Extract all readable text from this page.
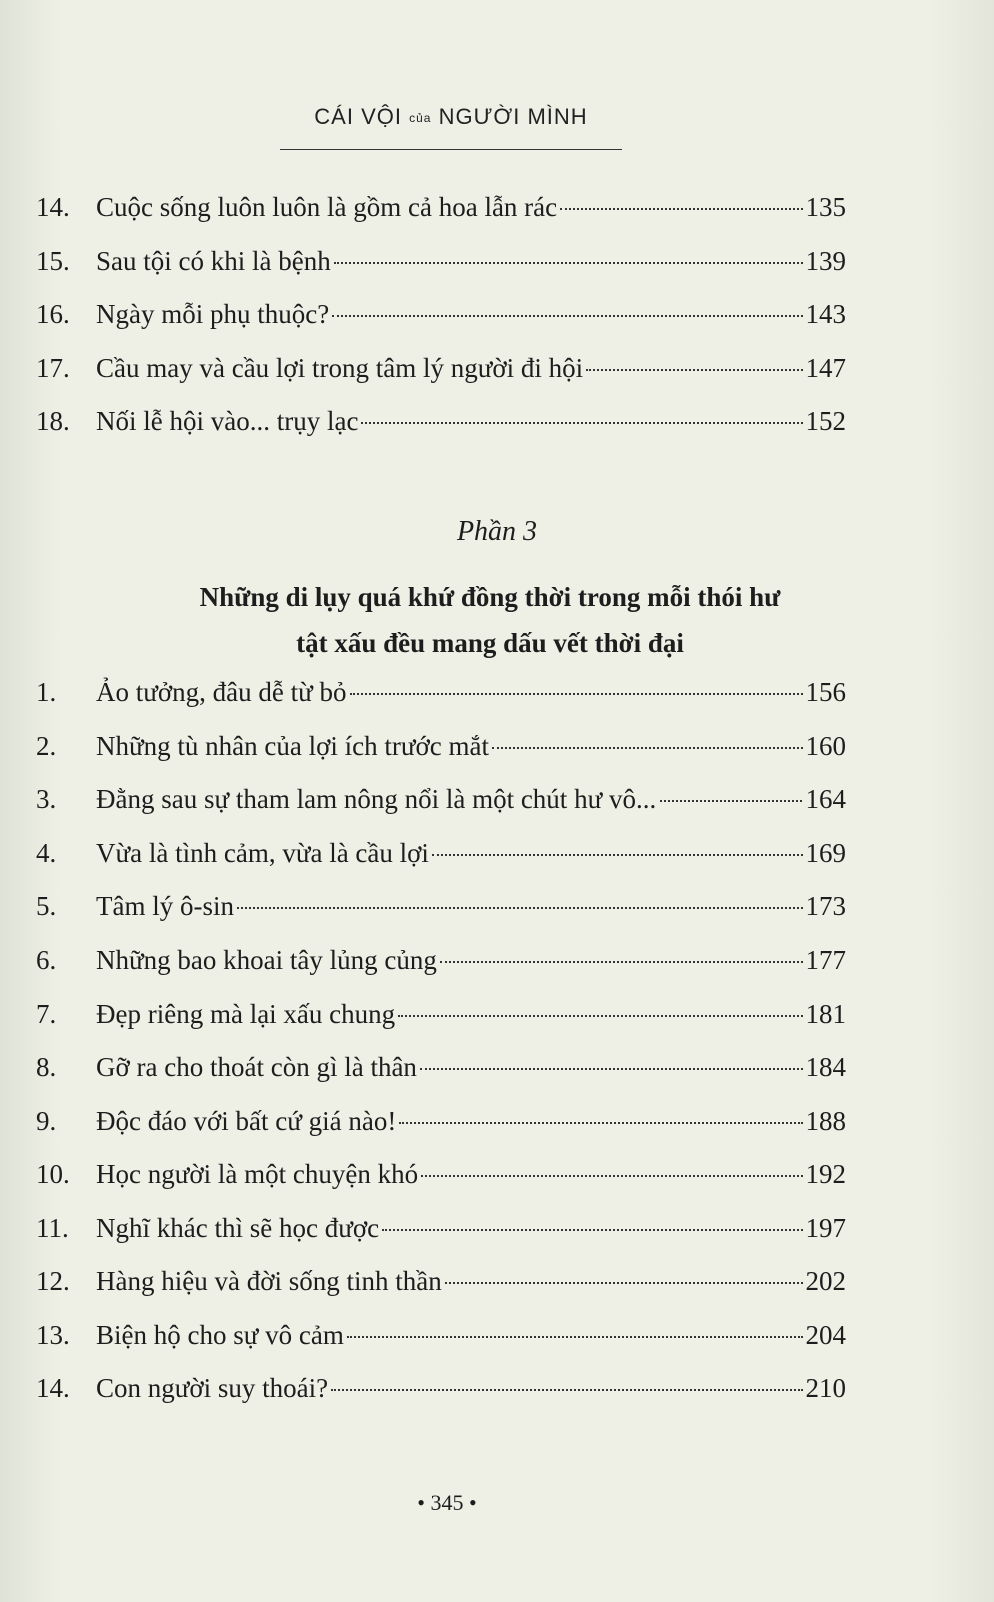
CÁI VỘI của NGƯỜI MÌNH
14. Cuộc sống luôn luôn là gồm cả hoa lẫn rác	135
15. Sau tội có khi là bệnh	139
16. Ngày mỗi phụ thuộc?	143
17. Cầu may và cầu lợi trong tâm lý người đi hội	147
18. Nối lễ hội vào... trụy lạc	152
Phần 3
Những di lụy quá khứ đồng thời trong mỗi thói hư
tật xấu đều mang dấu vết thời đại
1.	Ảo tưởng, đâu dễ từ bỏ	156
2.	Những tù nhân của lợi ích trước mắt	160
3.	Đằng sau sự tham lam nông nổi là một chút hư vô...	164
4.	Vừa là tình cảm, vừa là cầu lợi	169
5.	Tâm lý ô-sin	173
6.	Những bao khoai tây lủng củng	177
7.	Đẹp riêng mà lại xấu chung	181
8.	Gỡ ra cho thoát còn gì là thân	184
9.	Độc đáo với bất cứ giá nào!	188
10. Học người là một chuyện khó	192
11.	Nghĩ khác thì sẽ học được	197
12. Hàng hiệu và đời sống tinh thần	202
13. Biện hộ cho sự vô cảm	204
14. Con người suy thoái?	210
• 345 •
